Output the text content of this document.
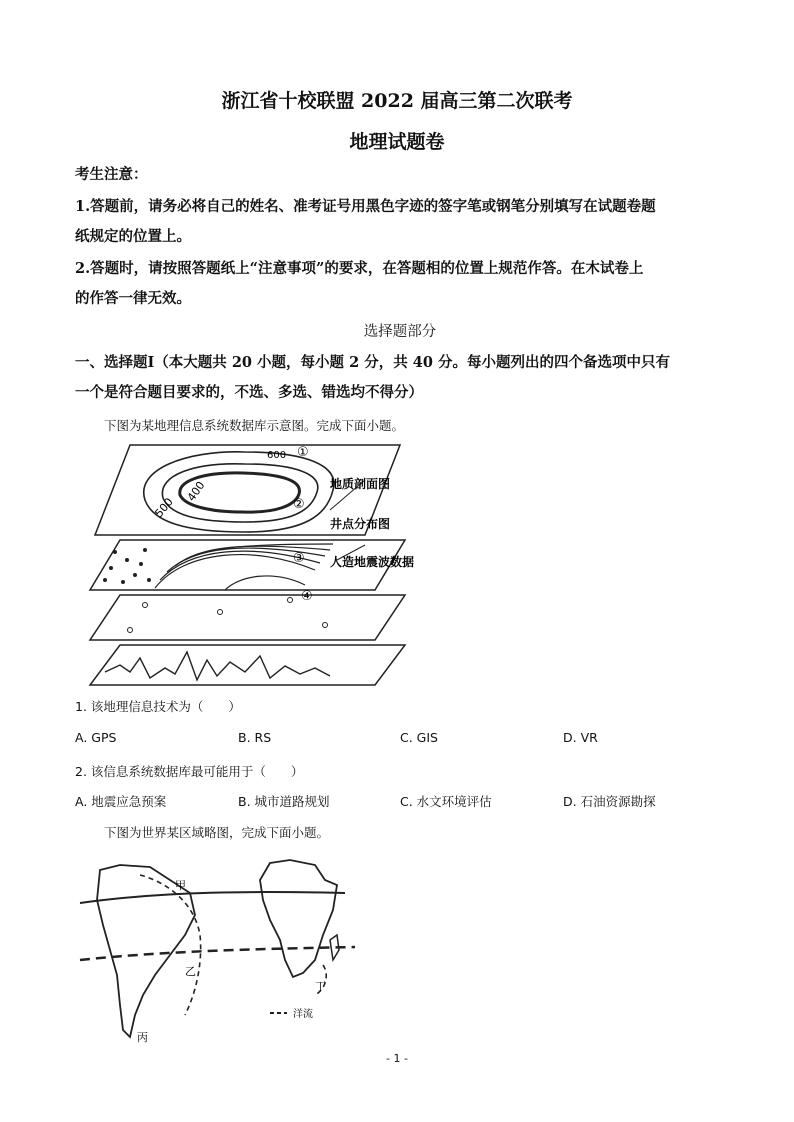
浙江省十校联盟 2022 届高三第二次联考
地理试题卷
考生注意：
1.答题前，请务必将自己的姓名、准考证号用黑色字迹的签字笔或钢笔分别填写在试题卷题
纸规定的位置上。
2.答题时，请按照答题纸上“注意事项”的要求，在答题相的位置上规范作答。在木试卷上
的作答一律无效。
选择题部分
一、选择题Ⅰ（本大题共 20 小题，每小题 2 分，共 40 分。每小题列出的四个备选项中只有
一个是符合题目要求的，不选、多选、错选均不得分）
下图为某地理信息系统数据库示意图。完成下面小题。
500
400
600 ①
②
③
④
地质剖面图
井点分布图
人造地震波数据
1. 该地理信息技术为（　　）
A. GPS	B. RS	C. GIS	D. VR
2. 该信息系统数据库最可能用于（　　）
A. 地震应急预案	B. 城市道路规划	C. 水文环境评估	D. 石油资源勘探
下图为世界某区域略图，完成下面小题。
甲
乙
丙
丁
洋流
- 1 -
